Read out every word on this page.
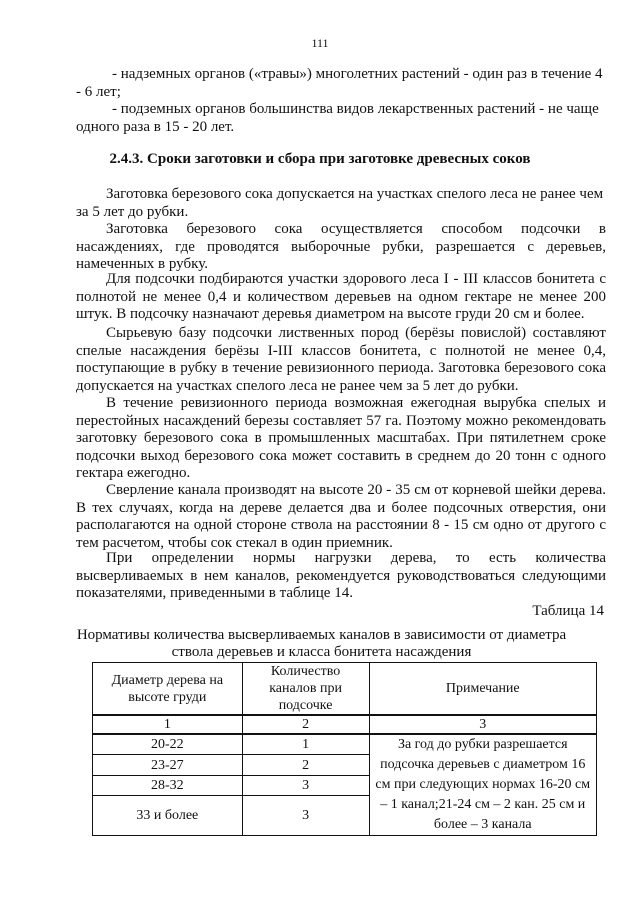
111

- надземных органов («травы») многолетних растений - один раз в течение 4 - 6 лет;

- подземных органов большинства видов лекарственных растений - не чаще одного раза в 15 - 20 лет.

2.4.3. Сроки заготовки и сбора при заготовке древесных соков

Заготовка березового сока допускается на участках спелого леса не ранее чем за 5 лет до рубки.

Заготовка березового сока осуществляется способом подсочки в насаждениях, где проводятся выборочные рубки, разрешается с деревьев, намеченных в рубку.

Для подсочки подбираются участки здорового леса I - III классов бонитета с полнотой не менее 0,4 и количеством деревьев на одном гектаре не менее 200 штук. В подсочку назначают деревья диаметром на высоте груди 20 см и более.

Сырьевую базу подсочки лиственных пород (берёзы повислой) составляют спелые насаждения берёзы I-III классов бонитета, с полнотой не менее 0,4, поступающие в рубку в течение ревизионного периода. Заготовка березового сока допускается на участках спелого леса не ранее чем за 5 лет до рубки.

В течение ревизионного периода возможная ежегодная вырубка спелых и перестойных насаждений березы составляет 57 га. Поэтому можно рекомендовать заготовку березового сока в промышленных масштабах. При пятилетнем сроке подсочки выход березового сока может составить в среднем до 20 тонн с одного гектара ежегодно.

Сверление канала производят на высоте 20 - 35 см от корневой шейки дерева. В тех случаях, когда на дереве делается два и более подсочных отверстия, они располагаются на одной стороне ствола на расстоянии 8 - 15 см одно от другого с тем расчетом, чтобы сок стекал в один приемник.

При определении нормы нагрузки дерева, то есть количества высверливаемых в нем каналов, рекомендуется руководствоваться следующими показателями, приведенными в таблице 14.

Таблица 14
Нормативы количества высверливаемых каналов в зависимости от диаметра
ствола деревьев и класса бонитета насаждения
Диаметр дерева на высоте груди	Количество каналов при подсочке	Примечание
1	2	3
20-22	1	За год до рубки разрешается подсочка деревьев с диаметром 16 см при следующих нормах 16-20 см – 1 канал;21-24 см – 2 кан. 25 см и более – 3 канала
23-27	2	
28-32	3	
33 и более	3	
